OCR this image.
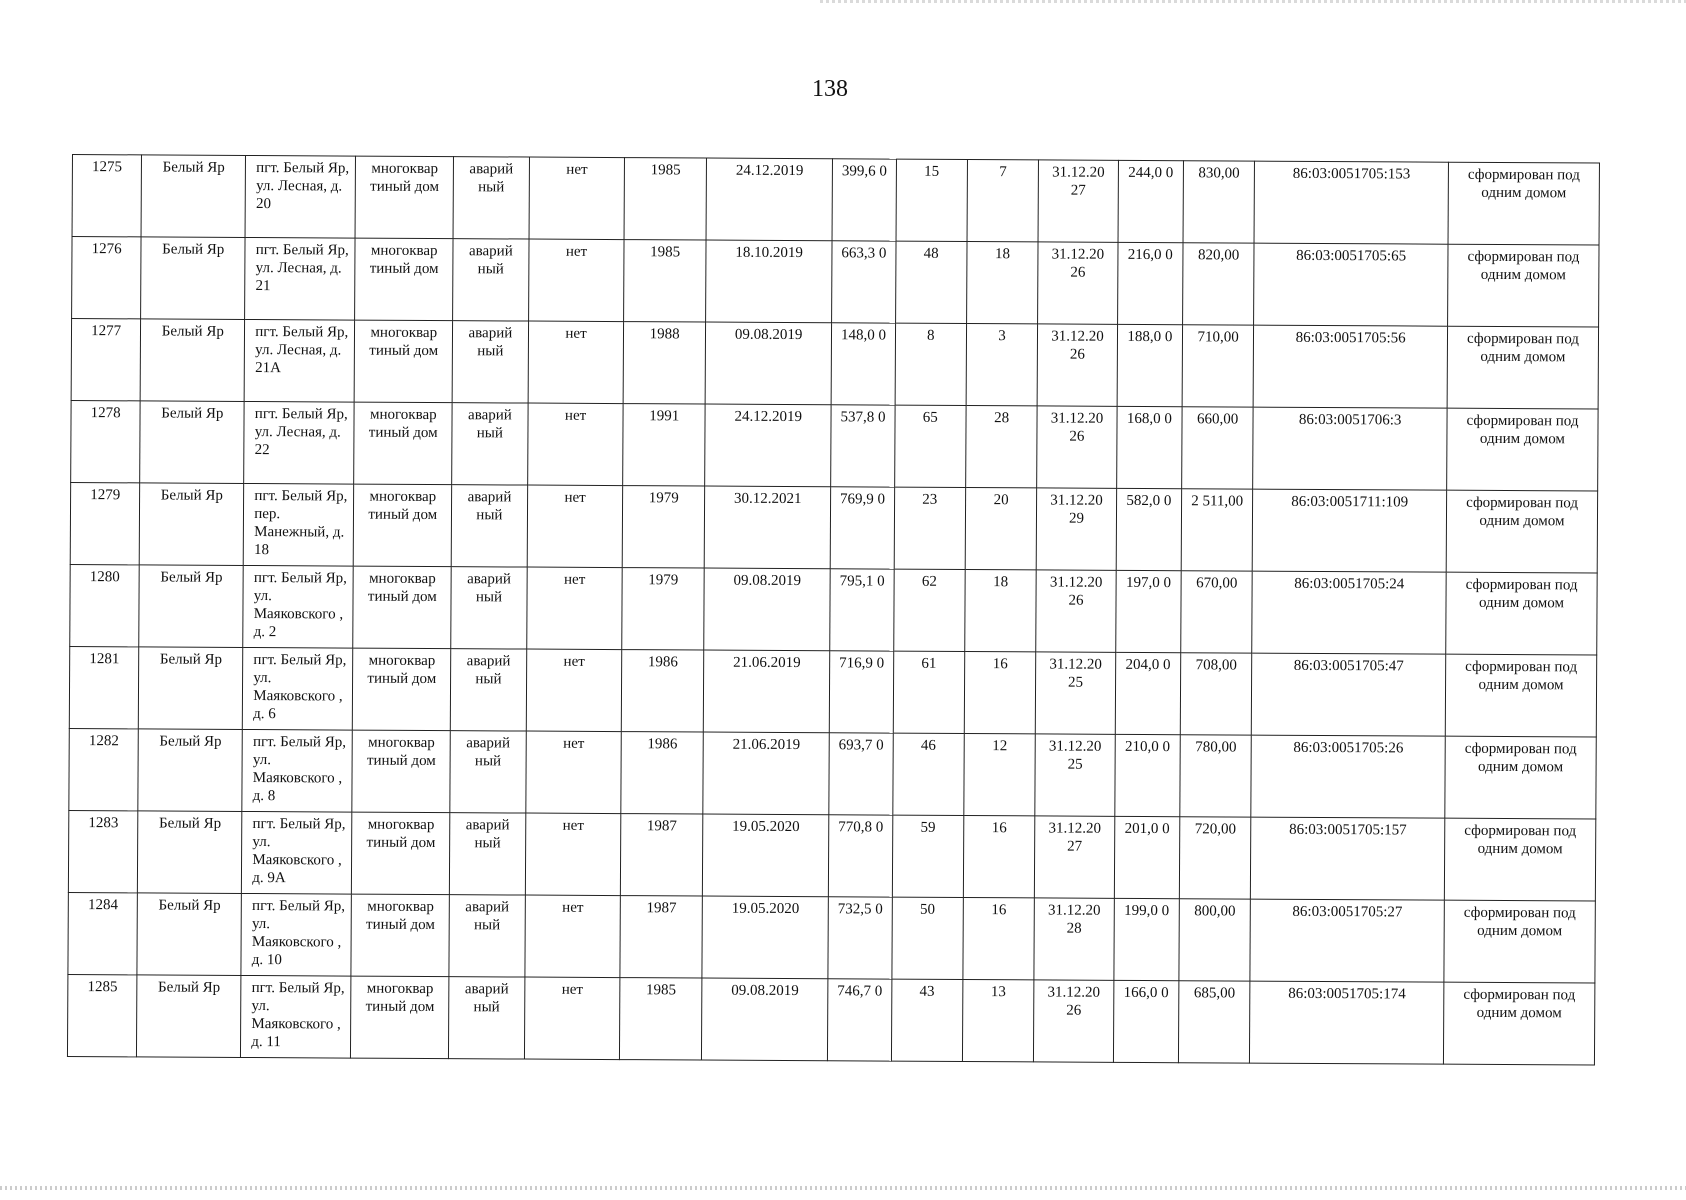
138
1275	Белый Яр	пгт. Белый Яр, ул. Лесная, д. 20	многоквар тиный дом	аварий ный	нет	1985	24.12.2019	399,6 0	15	7	31.12.20 27	244,0 0	830,00	86:03:0051705:153	сформирован под одним домом
1276	Белый Яр	пгт. Белый Яр, ул. Лесная, д. 21	многоквар тиный дом	аварий ный	нет	1985	18.10.2019	663,3 0	48	18	31.12.20 26	216,0 0	820,00	86:03:0051705:65	сформирован под одним домом
1277	Белый Яр	пгт. Белый Яр, ул. Лесная, д. 21А	многоквар тиный дом	аварий ный	нет	1988	09.08.2019	148,0 0	8	3	31.12.20 26	188,0 0	710,00	86:03:0051705:56	сформирован под одним домом
1278	Белый Яр	пгт. Белый Яр, ул. Лесная, д. 22	многоквар тиный дом	аварий ный	нет	1991	24.12.2019	537,8 0	65	28	31.12.20 26	168,0 0	660,00	86:03:0051706:3	сформирован под одним домом
1279	Белый Яр	пгт. Белый Яр, пер. Манежный, д. 18	многоквар тиный дом	аварий ный	нет	1979	30.12.2021	769,9 0	23	20	31.12.20 29	582,0 0	2 511,00	86:03:0051711:109	сформирован под одним домом
1280	Белый Яр	пгт. Белый Яр, ул. Маяковского , д. 2	многоквар тиный дом	аварий ный	нет	1979	09.08.2019	795,1 0	62	18	31.12.20 26	197,0 0	670,00	86:03:0051705:24	сформирован под одним домом
1281	Белый Яр	пгт. Белый Яр, ул. Маяковского , д. 6	многоквар тиный дом	аварий ный	нет	1986	21.06.2019	716,9 0	61	16	31.12.20 25	204,0 0	708,00	86:03:0051705:47	сформирован под одним домом
1282	Белый Яр	пгт. Белый Яр, ул. Маяковского , д. 8	многоквар тиный дом	аварий ный	нет	1986	21.06.2019	693,7 0	46	12	31.12.20 25	210,0 0	780,00	86:03:0051705:26	сформирован под одним домом
1283	Белый Яр	пгт. Белый Яр, ул. Маяковского , д. 9А	многоквар тиный дом	аварий ный	нет	1987	19.05.2020	770,8 0	59	16	31.12.20 27	201,0 0	720,00	86:03:0051705:157	сформирован под одним домом
1284	Белый Яр	пгт. Белый Яр, ул. Маяковского , д. 10	многоквар тиный дом	аварий ный	нет	1987	19.05.2020	732,5 0	50	16	31.12.20 28	199,0 0	800,00	86:03:0051705:27	сформирован под одним домом
1285	Белый Яр	пгт. Белый Яр, ул. Маяковского , д. 11	многоквар тиный дом	аварий ный	нет	1985	09.08.2019	746,7 0	43	13	31.12.20 26	166,0 0	685,00	86:03:0051705:174	сформирован под одним домом
